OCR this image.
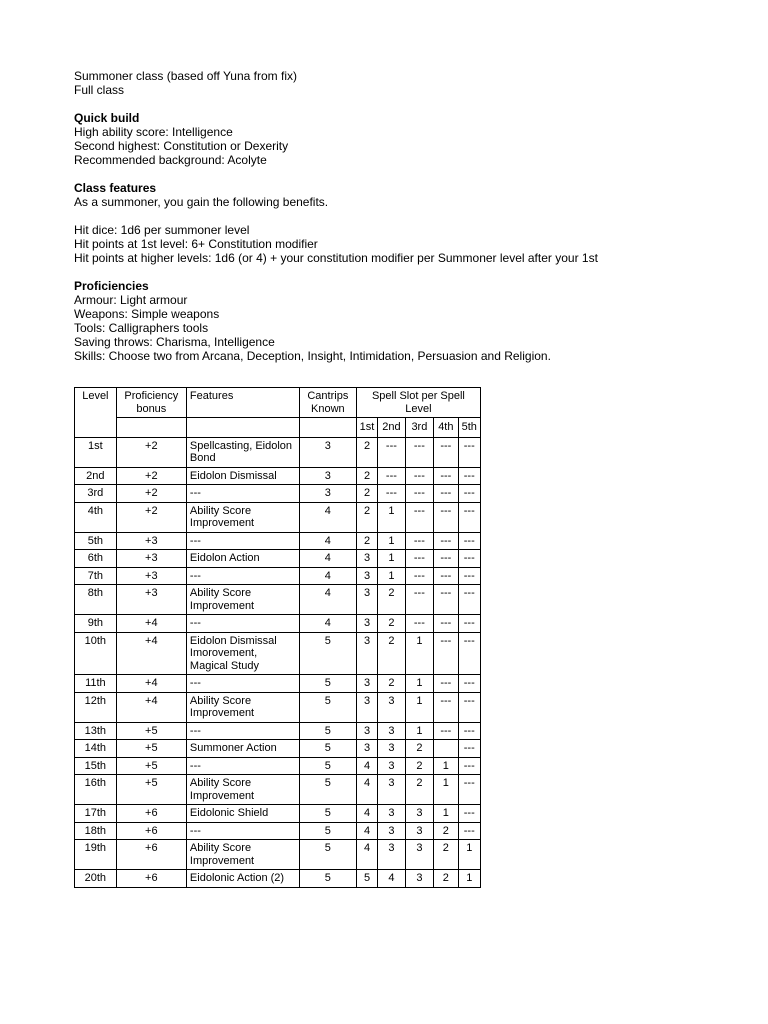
Summoner class (based off Yuna from fix)
Full class
Quick build
High ability score: Intelligence
Second highest: Constitution or Dexerity
Recommended background: Acolyte
Class features
As a summoner, you gain the following benefits.
Hit dice: 1d6 per summoner level
Hit points at 1st level: 6+ Constitution modifier
Hit points at higher levels: 1d6 (or 4) + your constitution modifier per Summoner level after your 1st
Proficiencies
Armour: Light armour
Weapons: Simple weapons
Tools: Calligraphers tools
Saving throws: Charisma, Intelligence
Skills: Choose two from Arcana, Deception, Insight, Intimidation, Persuasion and Religion.
Level	Proficiency bonus	Features	Cantrips Known	Spell Slot per Spell Level				
				1st	2nd	3rd	4th	5th
1st	+2	Spellcasting, Eidolon Bond	3	2	---	---	---	---
2nd	+2	Eidolon Dismissal	3	2	---	---	---	---
3rd	+2	---	3	2	---	---	---	---
4th	+2	Ability Score Improvement	4	2	1	---	---	---
5th	+3	---	4	2	1	---	---	---
6th	+3	Eidolon Action	4	3	1	---	---	---
7th	+3	---	4	3	1	---	---	---
8th	+3	Ability Score Improvement	4	3	2	---	---	---
9th	+4	---	4	3	2	---	---	---
10th	+4	Eidolon Dismissal Imorovement, Magical Study	5	3	2	1	---	---
11th	+4	---	5	3	2	1	---	---
12th	+4	Ability Score Improvement	5	3	3	1	---	---
13th	+5	---	5	3	3	1	---	---
14th	+5	Summoner Action	5	3	3	2		---
15th	+5	---	5	4	3	2	1	---
16th	+5	Ability Score Improvement	5	4	3	2	1	---
17th	+6	Eidolonic Shield	5	4	3	3	1	---
18th	+6	---	5	4	3	3	2	---
19th	+6	Ability Score Improvement	5	4	3	3	2	1
20th	+6	Eidolonic Action (2)	5	5	4	3	2	1
